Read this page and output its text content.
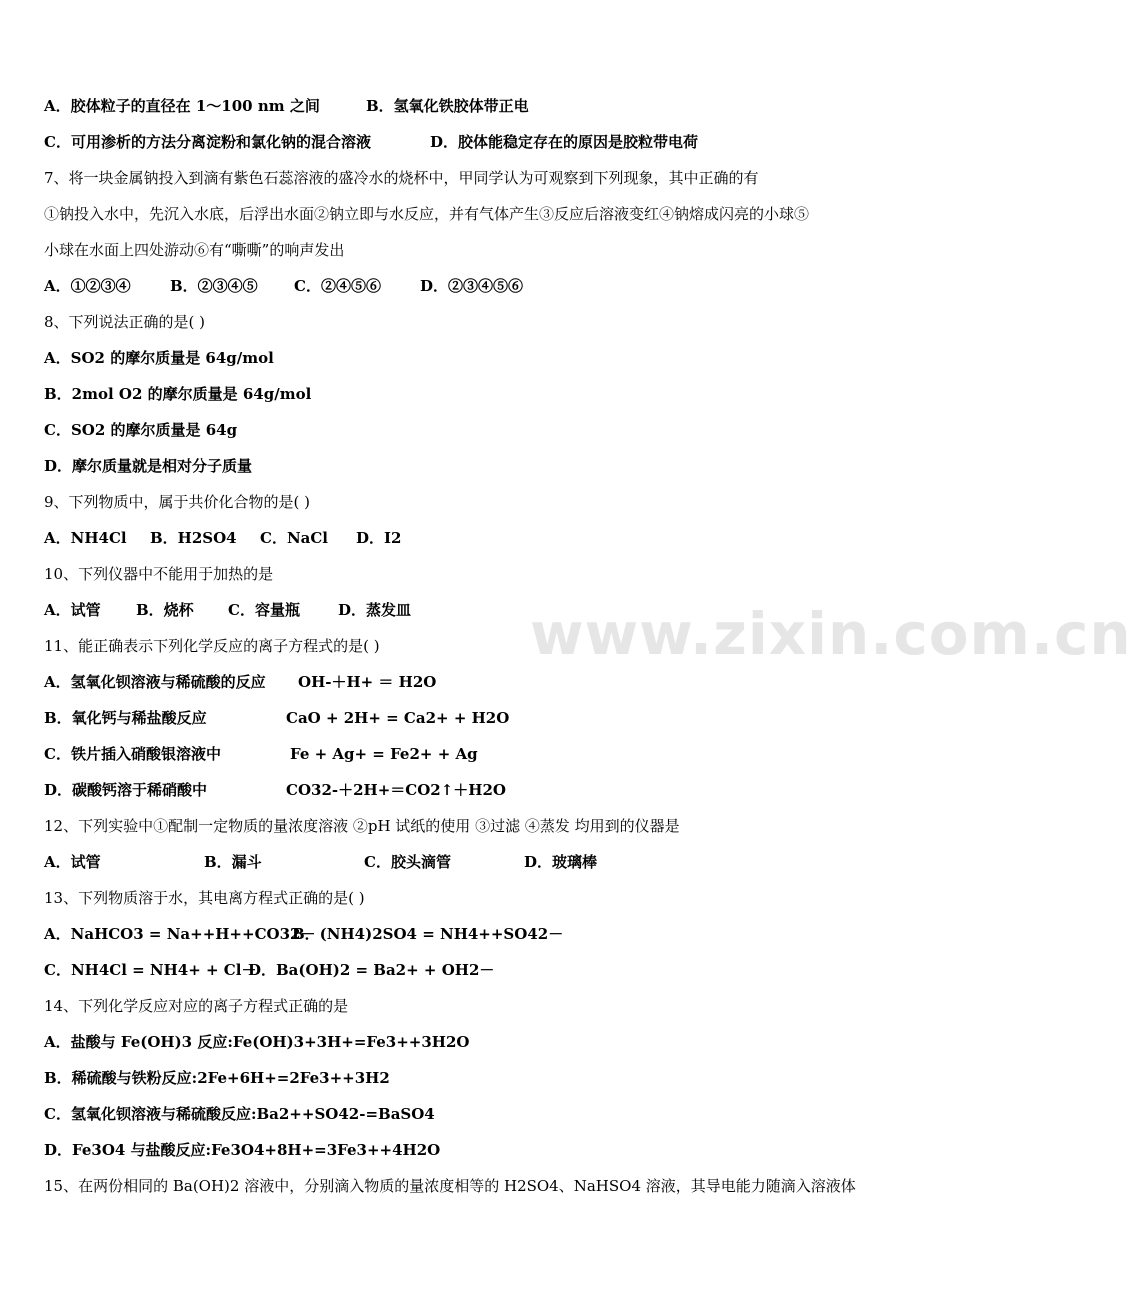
www.zixin.com.cn
A．胶体粒子的直径在 1～100 nm 之间	B．氢氧化铁胶体带正电
C．可用渗析的方法分离淀粉和氯化钠的混合溶液	D．胶体能稳定存在的原因是胶粒带电荷
7、将一块金属钠投入到滴有紫色石蕊溶液的盛冷水的烧杯中，甲同学认为可观察到下列现象，其中正确的有
①钠投入水中，先沉入水底，后浮出水面②钠立即与水反应，并有气体产生③反应后溶液变红④钠熔成闪亮的小球⑤
小球在水面上四处游动⑥有“嘶嘶”的响声发出
A．①②③④	B．②③④⑤ C．②④⑤⑥	D．②③④⑤⑥
8、下列说法正确的是( )
A．SO2 的摩尔质量是 64g/mol
B．2mol O2 的摩尔质量是 64g/mol
C．SO2 的摩尔质量是 64g
D．摩尔质量就是相对分子质量
9、下列物质中，属于共价化合物的是( )
A．NH4Cl B．H2SO4 C．NaCl D．I2
10、下列仪器中不能用于加热的是
A．试管 B．烧杯 C．容量瓶	D．蒸发皿
11、能正确表示下列化学反应的离子方程式的是( )
A．氢氧化钡溶液与稀硫酸的反应 OH-＋H+ ＝ H2O
B．氧化钙与稀盐酸反应	CaO + 2H+ = Ca2+ + H2O
C．铁片插入硝酸银溶液中	Fe + Ag+ = Fe2+ + Ag
D．碳酸钙溶于稀硝酸中	CO32-＋2H+＝CO2↑＋H2O
12、下列实验中①配制一定物质的量浓度溶液 ②pH 试纸的使用 ③过滤 ④蒸发 均用到的仪器是
A．试管	B．漏斗	C．胶头滴管	D．玻璃棒
13、下列物质溶于水，其电离方程式正确的是( )
A．NaHCO3 = Na++H++CO32－B．(NH4)2SO4 = NH4++SO42－
C．NH4Cl = NH4+ + Cl－D．Ba(OH)2 = Ba2+ + OH2－
14、下列化学反应对应的离子方程式正确的是
A．盐酸与 Fe(OH)3 反应:Fe(OH)3+3H+=Fe3++3H2O
B．稀硫酸与铁粉反应:2Fe+6H+=2Fe3++3H2
C．氢氧化钡溶液与稀硫酸反应:Ba2++SO42-=BaSO4
D．Fe3O4 与盐酸反应:Fe3O4+8H+=3Fe3++4H2O
15、在两份相同的 Ba(OH)2 溶液中，分别滴入物质的量浓度相等的 H2SO4、NaHSO4 溶液，其导电能力随滴入溶液体
